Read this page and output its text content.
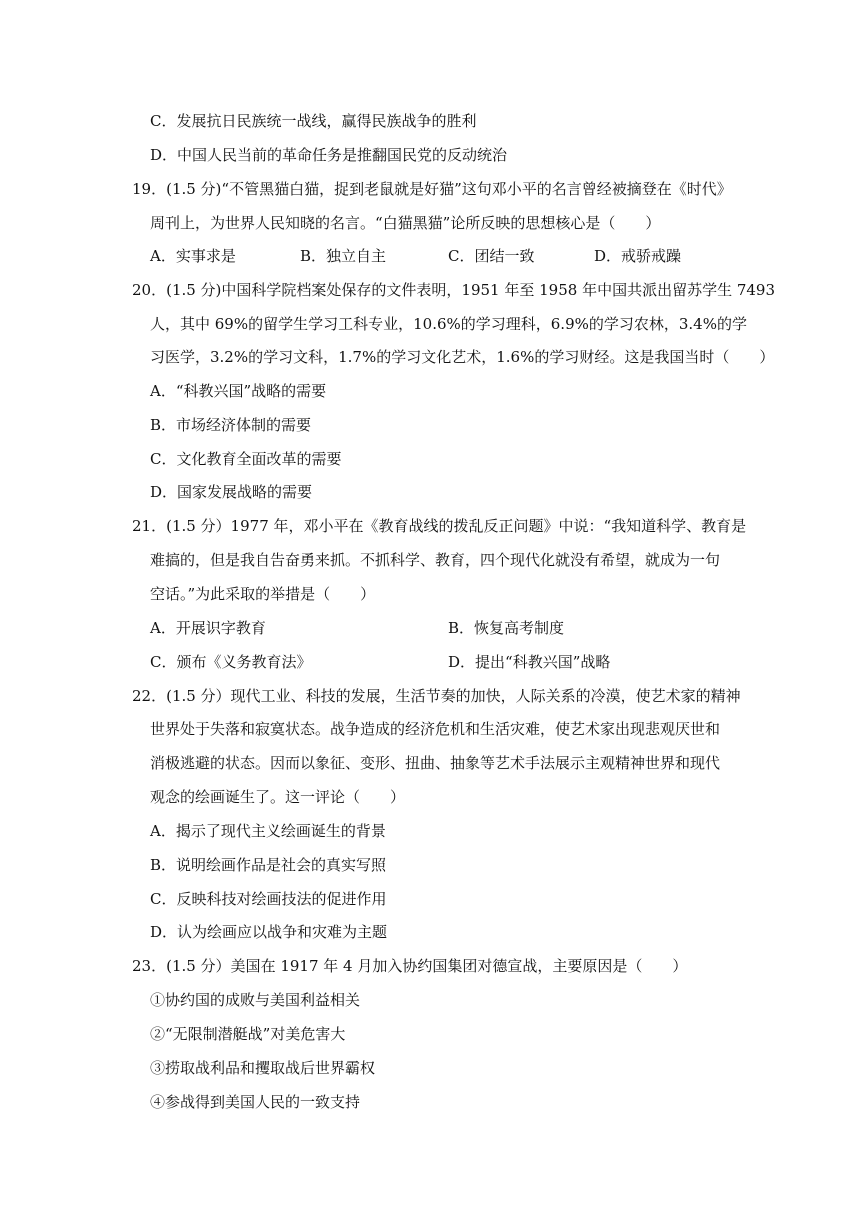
C．发展抗日民族统一战线，赢得民族战争的胜利
D．中国人民当前的革命任务是推翻国民党的反动统治
19．(1.5 分)“不管黑猫白猫，捉到老鼠就是好猫”这句邓小平的名言曾经被摘登在《时代》
周刊上，为世界人民知晓的名言。“白猫黑猫”论所反映的思想核心是（　　）
A．实事求是	B．独立自主	C．团结一致	D．戒骄戒躁
20．(1.5 分)中国科学院档案处保存的文件表明，1951 年至 1958 年中国共派出留苏学生 7493
人，其中 69%的留学生学习工科专业，10.6%的学习理科，6.9%的学习农林，3.4%的学
习医学，3.2%的学习文科，1.7%的学习文化艺术，1.6%的学习财经。这是我国当时（　　）
A．“科教兴国”战略的需要
B．市场经济体制的需要
C．文化教育全面改革的需要
D．国家发展战略的需要
21．(1.5 分）1977 年，邓小平在《教育战线的拨乱反正问题》中说：“我知道科学、教育是
难搞的，但是我自告奋勇来抓。不抓科学、教育，四个现代化就没有希望，就成为一句
空话。”为此采取的举措是（　　）
A．开展识字教育	B．恢复高考制度
C．颁布《义务教育法》	D．提出“科教兴国”战略
22．(1.5 分）现代工业、科技的发展，生活节奏的加快，人际关系的冷漠，使艺术家的精神
世界处于失落和寂寞状态。战争造成的经济危机和生活灾难，使艺术家出现悲观厌世和
消极逃避的状态。因而以象征、变形、扭曲、抽象等艺术手法展示主观精神世界和现代
观念的绘画诞生了。这一评论（　　）
A．揭示了现代主义绘画诞生的背景
B．说明绘画作品是社会的真实写照
C．反映科技对绘画技法的促进作用
D．认为绘画应以战争和灾难为主题
23．(1.5 分）美国在 1917 年 4 月加入协约国集团对德宣战，主要原因是（　　）
①协约国的成败与美国利益相关
②“无限制潜艇战”对美危害大
③捞取战利品和攫取战后世界霸权
④参战得到美国人民的一致支持
